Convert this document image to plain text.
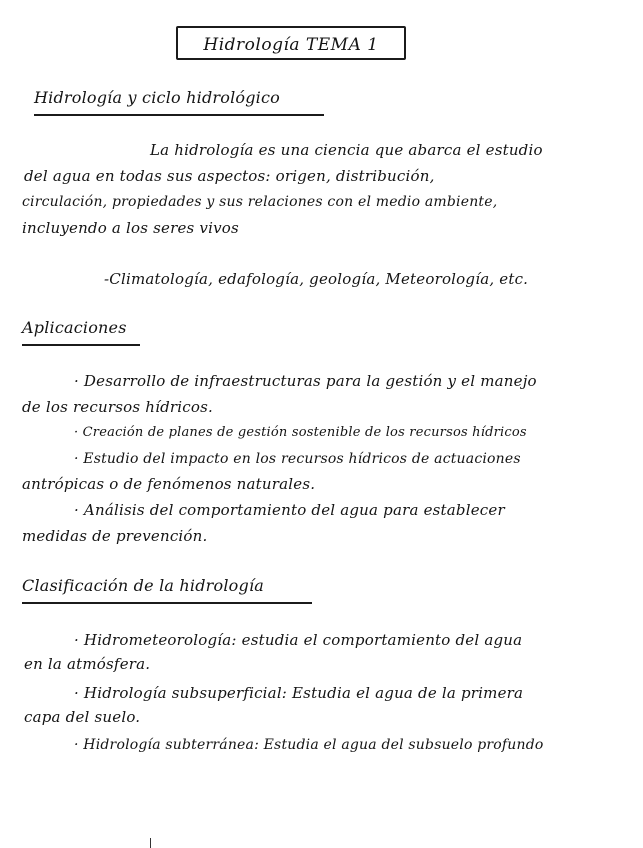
Hidrología TEMA 1
Hidrología y ciclo hidrológico
La hidrología es una ciencia que abarca el estudio
del agua en todas sus aspectos: origen, distribución,
circulación, propiedades y sus relaciones con el medio ambiente,
incluyendo a los seres vivos
-Climatología, edafología, geología, Meteorología, etc.
Aplicaciones
· Desarrollo de infraestructuras para la gestión y el manejo
de los recursos hídricos.
· Creación de planes de gestión sostenible de los recursos hídricos
· Estudio del impacto en los recursos hídricos de actuaciones
antrópicas o de fenómenos naturales.
· Análisis del comportamiento del agua para establecer
medidas de prevención.
Clasificación de la hidrología
· Hidrometeorología: estudia el comportamiento del agua
en la atmósfera.
· Hidrología subsuperficial: Estudia el agua de la primera
capa del suelo.
· Hidrología subterránea: Estudia el agua del subsuelo profundo
